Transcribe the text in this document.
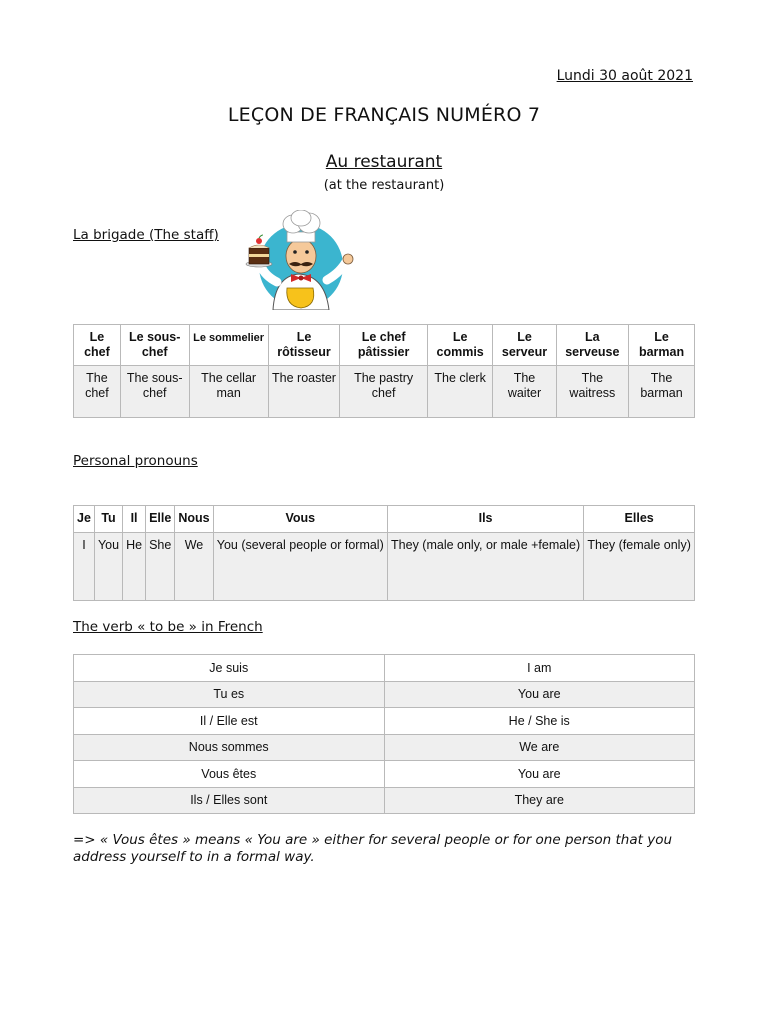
Lundi 30 août 2021
LEÇON DE FRANÇAIS NUMÉRO 7
Au restaurant
(at the restaurant)
La brigade (The staff)
Le chef	Le sous-chef	Le sommelier	Le rôtisseur	Le chef pâtissier	Le commis	Le serveur	La serveuse	Le barman
The chef	The sous-chef	The cellar man	The roaster	The pastry chef	The clerk	The waiter	The waitress	The barman
Personal pronouns
Je	Tu	Il	Elle	Nous	Vous	Ils	Elles
I	You	He	She	We	You (several people or formal)	They (male only, or male +female)	They (female only)
The verb « to be » in French
Je suis	I am
Tu es	You are
Il / Elle est	He / She is
Nous sommes	We are
Vous êtes	You are
Ils / Elles sont	They are
=> « Vous êtes » means « You are » either for several people or for one person that you address yourself to in a formal way.
